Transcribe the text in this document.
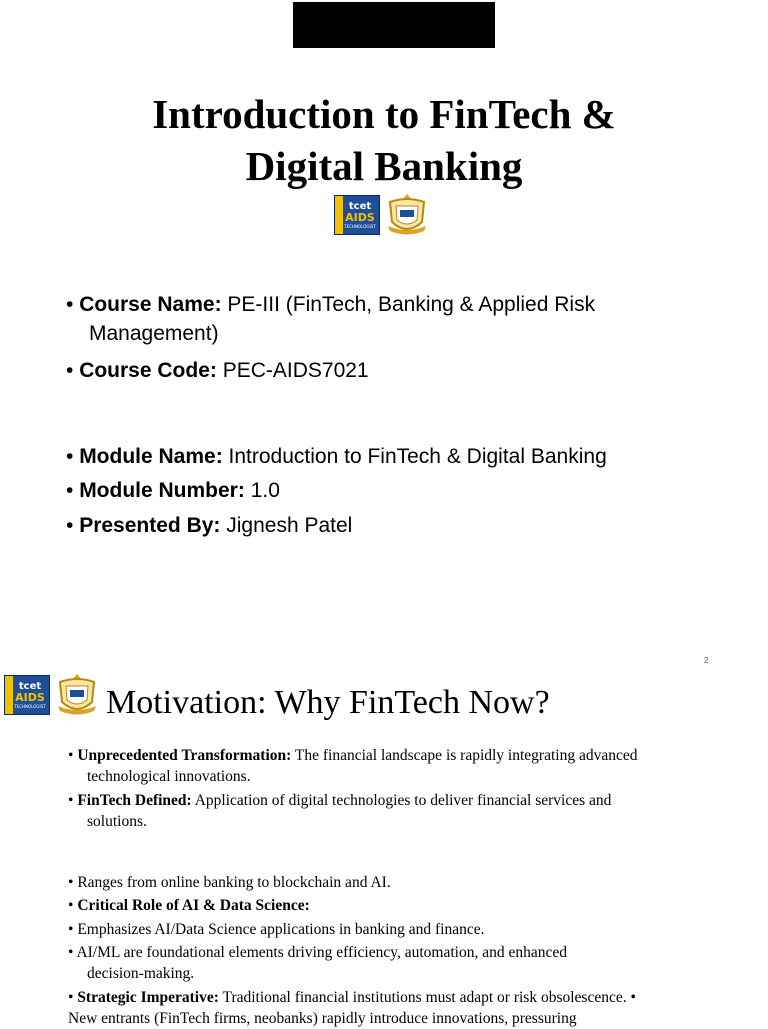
Introduction to FinTech &
Digital Banking
tcet
AIDS
TECHNOLOGIST
• Course Name: PE-III (FinTech, Banking & Applied Risk
Management)
• Course Code: PEC-AIDS7021
• Module Name: Introduction to FinTech & Digital Banking
• Module Number: 1.0
• Presented By: Jignesh Patel
2
tcet
AIDS
TECHNOLOGIST Motivation: Why FinTech Now?
• Unprecedented Transformation: The financial landscape is rapidly integrating advanced
technological innovations.
• FinTech Defined: Application of digital technologies to deliver financial services and
solutions.
• Ranges from online banking to blockchain and AI.
• Critical Role of AI & Data Science:
• Emphasizes AI/Data Science applications in banking and finance.
• AI/ML are foundational elements driving efficiency, automation, and enhanced
decision-making.
• Strategic Imperative: Traditional financial institutions must adapt or risk obsolescence. •
New entrants (FinTech firms, neobanks) rapidly introduce innovations, pressuring
